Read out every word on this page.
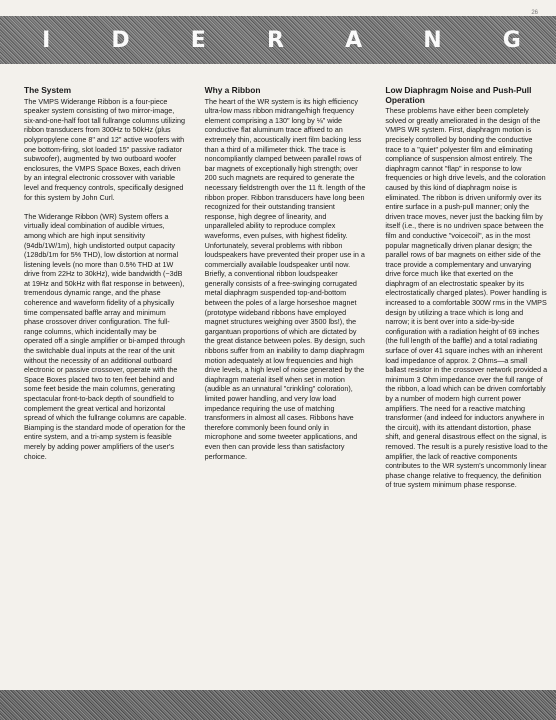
26
I	D	E	R	A	N	G
The System

The VMPS Widerange Ribbon is a four-piece speaker system consisting of two mirror-image, six-and-one-half foot tall fullrange columns utilizing ribbon transducers from 300Hz to 50kHz (plus polypropylene cone 8" and 12" active woofers with one bottom-firing, slot loaded 15" passive radiator subwoofer), augmented by two outboard woofer enclosures, the VMPS Space Boxes, each driven by an integral electronic crossover with variable level and frequency controls, specifically designed for this system by John Curl.

The Widerange Ribbon (WR) System offers a virtually ideal combination of audible virtues, among which are high input sensitivity (94db/1W/1m), high undistorted output capacity (128db/1m for 5% THD), low distortion at normal listening levels (no more than 0.5% THD at 1W drive from 22Hz to 30kHz), wide bandwidth (−3dB at 19Hz and 50kHz with flat response in between), tremendous dynamic range, and the phase coherence and waveform fidelity of a physically time compensated baffle array and minimum phase crossover driver configuration. The full-range columns, which incidentally may be operated off a single amplifier or bi-amped through the switchable dual inputs at the rear of the unit without the necessity of an additional outboard electronic or passive crossover, operate with the Space Boxes placed two to ten feet behind and some feet beside the main columns, generating spectacular front-to-back depth of soundfield to complement the great vertical and horizontal spread of which the fullrange columns are capable. Biamping is the standard mode of operation for the entire system, and a tri-amp system is feasible merely by adding power amplifiers of the user's choice.

Why a Ribbon

The heart of the WR system is its high efficiency ultra-low mass ribbon midrange/high frequency element comprising a 130" long by ⅛" wide conductive flat aluminum trace affixed to an extremely thin, acoustically inert film backing less than a third of a millimeter thick. The trace is noncompliantly clamped between parallel rows of bar magnets of exceptionally high strength; over 200 such magnets are required to generate the necessary fieldstrength over the 11 ft. length of the ribbon proper. Ribbon transducers have long been recognized for their outstanding transient response, high degree of linearity, and unparalleled ability to reproduce complex waveforms, even pulses, with highest fidelity. Unfortunately, several problems with ribbon loudspeakers have prevented their proper use in a commercially available loudspeaker until now. Briefly, a conventional ribbon loudspeaker generally consists of a free-swinging corrugated metal diaphragm suspended top-and-bottom between the poles of a large horseshoe magnet (prototype wideband ribbons have employed magnet structures weighing over 3500 lbs!), the gargantuan proportions of which are dictated by the great distance between poles. By design, such ribbons suffer from an inability to damp diaphragm motion adequately at low frequencies and high drive levels, a high level of noise generated by the diaphragm material itself when set in motion (audible as an unnatural "crinkling" coloration), limited power handling, and very low load impedance requiring the use of matching transformers in almost all cases. Ribbons have therefore commonly been found only in microphone and some tweeter applications, and even then can provide less than satisfactory performance.

Low Diaphragm Noise and Push-Pull Operation

These problems have either been completely solved or greatly ameliorated in the design of the VMPS WR system. First, diaphragm motion is precisely controlled by bonding the conductive trace to a "quiet" polyester film and eliminating compliance of suspension almost entirely. The diaphragm cannot "flap" in response to low frequencies or high drive levels, and the coloration caused by this kind of diaphragm noise is eliminated. The ribbon is driven uniformly over its entire surface in a push-pull manner; only the driven trace moves, never just the backing film by itself (i.e., there is no undriven space between the film and conductive "voicecoil", as in the most popular magnetically driven planar design; the parallel rows of bar magnets on either side of the trace provide a complementary and unvarying drive force much like that exerted on the diaphragm of an electrostatic speaker by its electrostatically charged plates). Power handling is increased to a comfortable 300W rms in the VMPS design by utilizing a trace which is long and narrow; it is bent over into a side-by-side configuration with a radiation height of 69 inches (the full length of the baffle) and a total radiating surface of over 41 square inches with an inherent load impedance of approx. 2 Ohms—a small ballast resistor in the crossover network provided a minimum 3 Ohm impedance over the full range of the ribbon, a load which can be driven comfortably by a number of modern high current power amplifiers. The need for a reactive matching transformer (and indeed for inductors anywhere in the circuit), with its attendant distortion, phase shift, and general disastrous effect on the signal, is removed. The result is a purely resistive load to the amplifier, the lack of reactive components contributes to the WR system's uncommonly linear phase change relative to frequency, the definition of true system minimum phase response.
